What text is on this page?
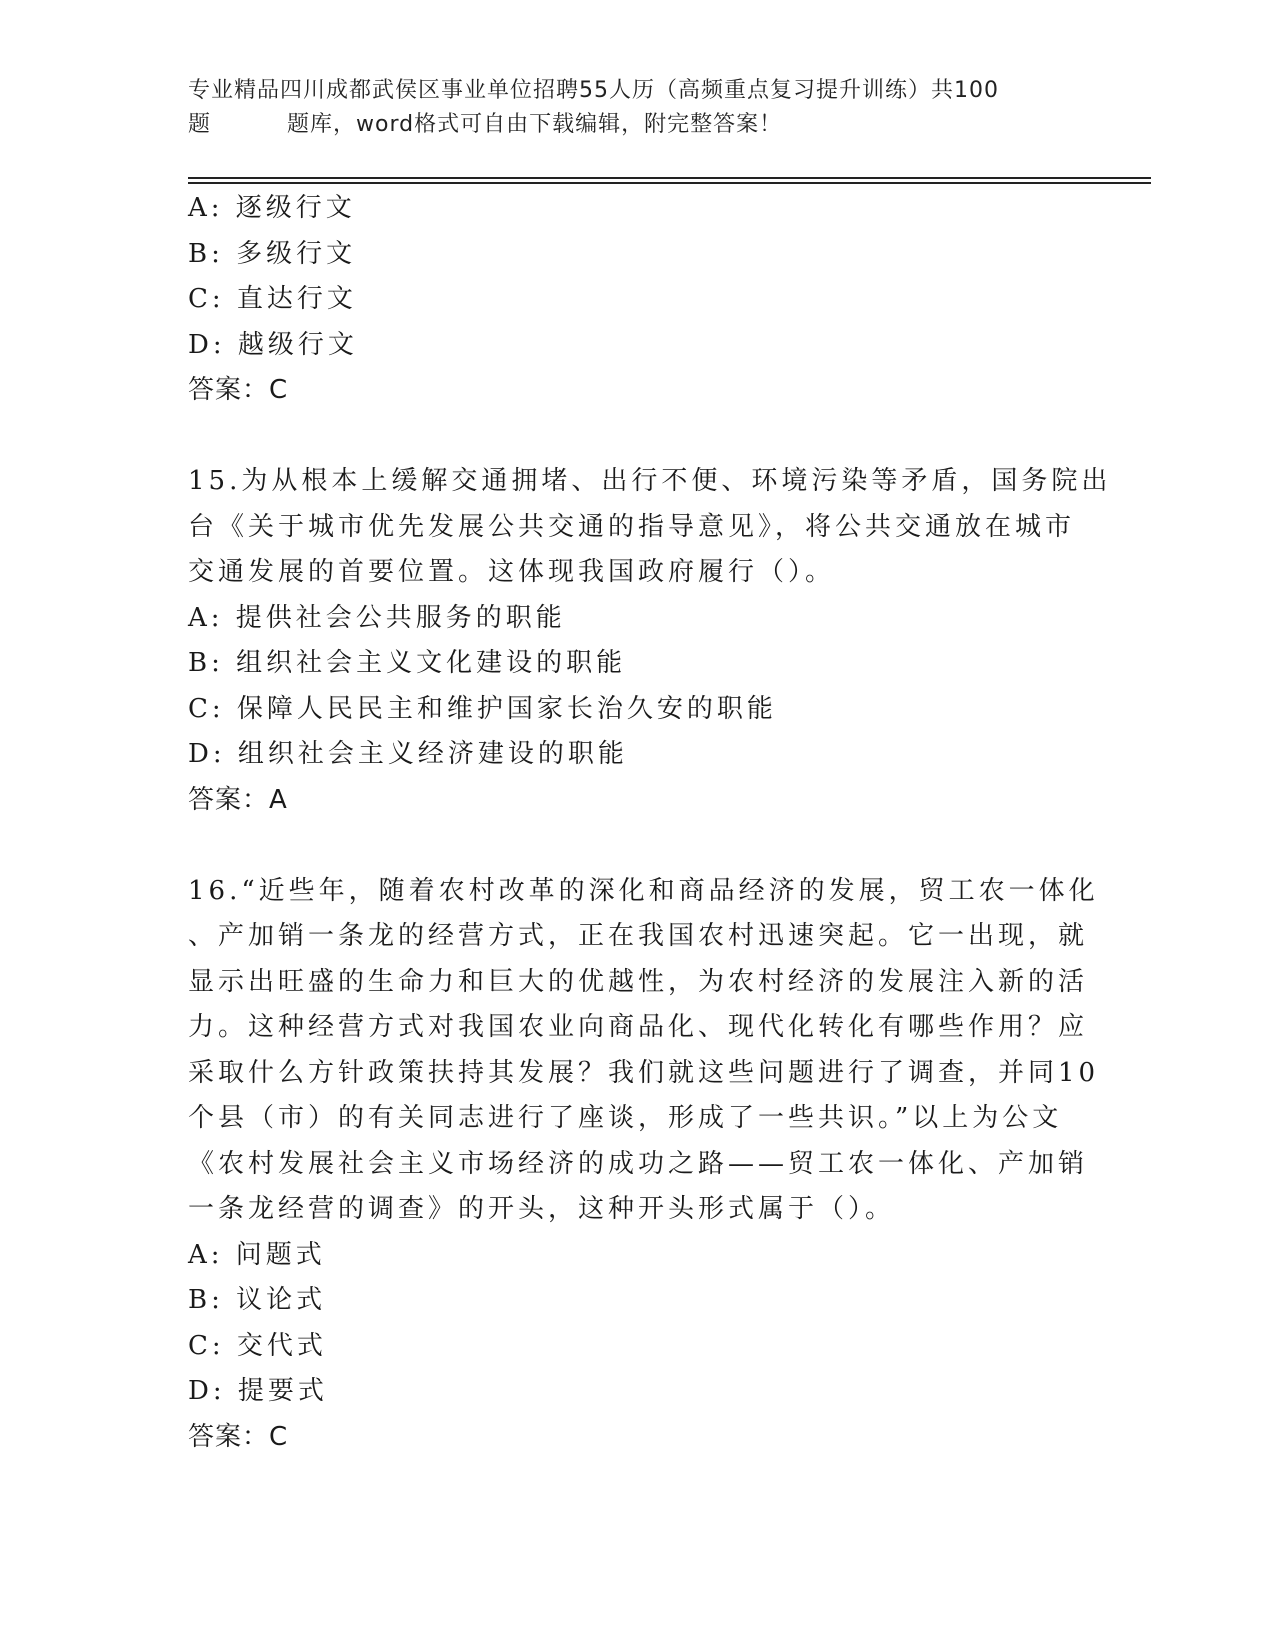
专业精品四川成都武侯区事业单位招聘55人历（高频重点复习提升训练）共100
题	题库，word格式可自由下载编辑，附完整答案！
A: 逐级行文
B: 多级行文
C: 直达行文
D: 越级行文
答案：C
15.为从根本上缓解交通拥堵、出行不便、环境污染等矛盾，国务院出
台《关于城市优先发展公共交通的指导意见》，将公共交通放在城市
交通发展的首要位置。这体现我国政府履行（）。
A: 提供社会公共服务的职能
B: 组织社会主义文化建设的职能
C: 保障人民民主和维护国家长治久安的职能
D: 组织社会主义经济建设的职能
答案：A
16.“近些年，随着农村改革的深化和商品经济的发展，贸工农一体化
、产加销一条龙的经营方式，正在我国农村迅速突起。它一出现，就
显示出旺盛的生命力和巨大的优越性，为农村经济的发展注入新的活
力。这种经营方式对我国农业向商品化、现代化转化有哪些作用？应
采取什么方针政策扶持其发展？我们就这些问题进行了调查，并同10
个县（市）的有关同志进行了座谈，形成了一些共识。”以上为公文
《农村发展社会主义市场经济的成功之路——贸工农一体化、产加销
一条龙经营的调查》的开头，这种开头形式属于（）。
A: 问题式
B: 议论式
C: 交代式
D: 提要式
答案：C
